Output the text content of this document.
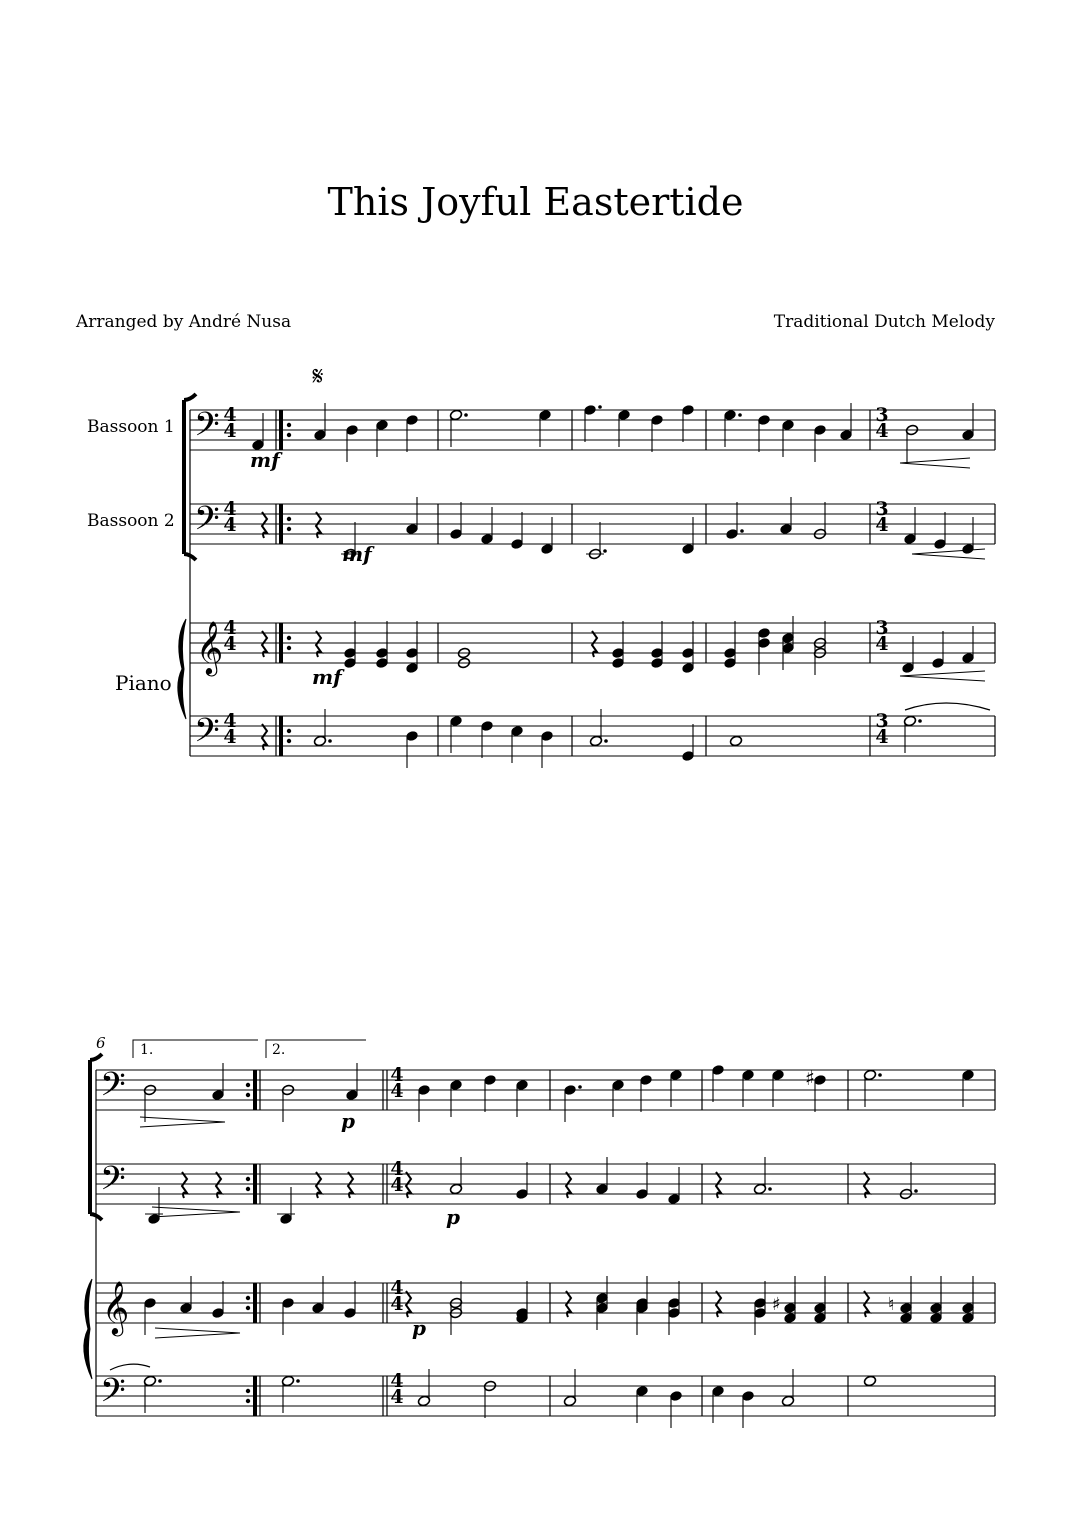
This Joyful Eastertide
Arranged by André Nusa	Traditional Dutch Melody
𝄢
𝄢
𝄞
𝄢
𝄢
𝄢
𝄞
𝄢
♯
♯	♮
Bassoon 1
Bassoon 2
Piano
4
4
4
4
4
4
4
4
3
4
3
4
3
4
3
4
mf
mf
mf
𝄋
4
4
4
4
4
4
4
4
6 1.	2.
p
p
p
